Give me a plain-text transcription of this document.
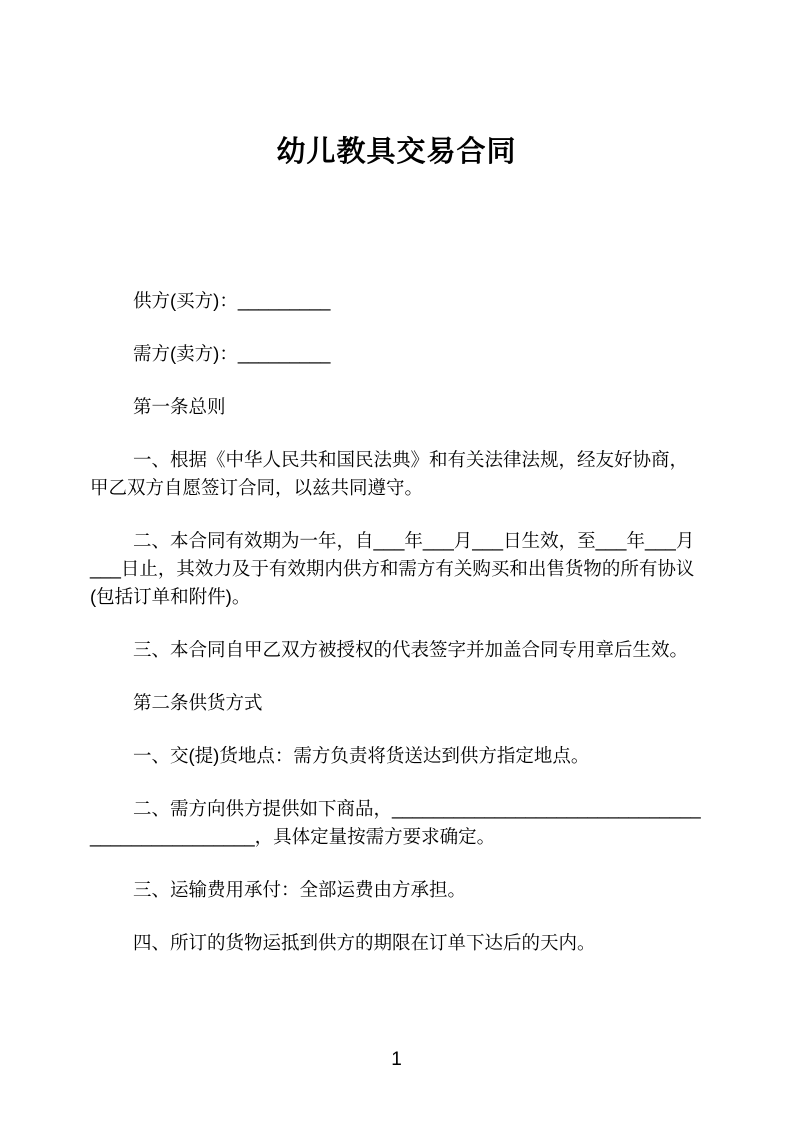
幼儿教具交易合同

供方(买方)：_________

需方(卖方)：_________

第一条总则

一、根据《中华人民共和国民法典》和有关法律法规，经友好协商，甲乙双方自愿签订合同，以兹共同遵守。

二、本合同有效期为一年，自___年___月___日生效，至___年___月___日止，其效力及于有效期内供方和需方有关购买和出售货物的所有协议(包括订单和附件)。

三、本合同自甲乙双方被授权的代表签字并加盖合同专用章后生效。

第二条供货方式

一、交(提)货地点：需方负责将货送达到供方指定地点。

二、需方向供方提供如下商品，______________________________________________，具体定量按需方要求确定。

三、运输费用承付：全部运费由方承担。

四、所订的货物运抵到供方的期限在订单下达后的天内。

1
